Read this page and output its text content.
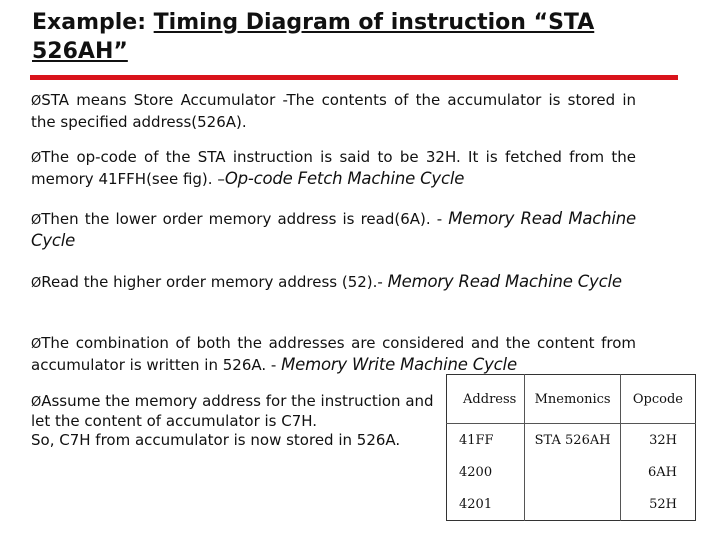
Example: Timing Diagram of instruction “STA 526AH”
ØSTA means Store Accumulator -The contents of the accumulator is stored in the specified address(526A).
ØThe op-code of the STA instruction is said to be 32H. It is fetched from the memory 41FFH(see fig). –Op-code Fetch Machine Cycle
ØThen the lower order memory address is read(6A). - Memory Read Machine Cycle
ØRead the higher order memory address (52).- Memory Read Machine Cycle
ØThe combination of both the addresses are considered and the content from accumulator is written in 526A. - Memory Write Machine Cycle
ØAssume the memory address for the instruction and let the content of accumulator is C7H.
So, C7H from accumulator is now stored in 526A.
Address	Mnemonics	Opcode
41FF	STA 526AH	32H
4200		6AH
4201		52H
